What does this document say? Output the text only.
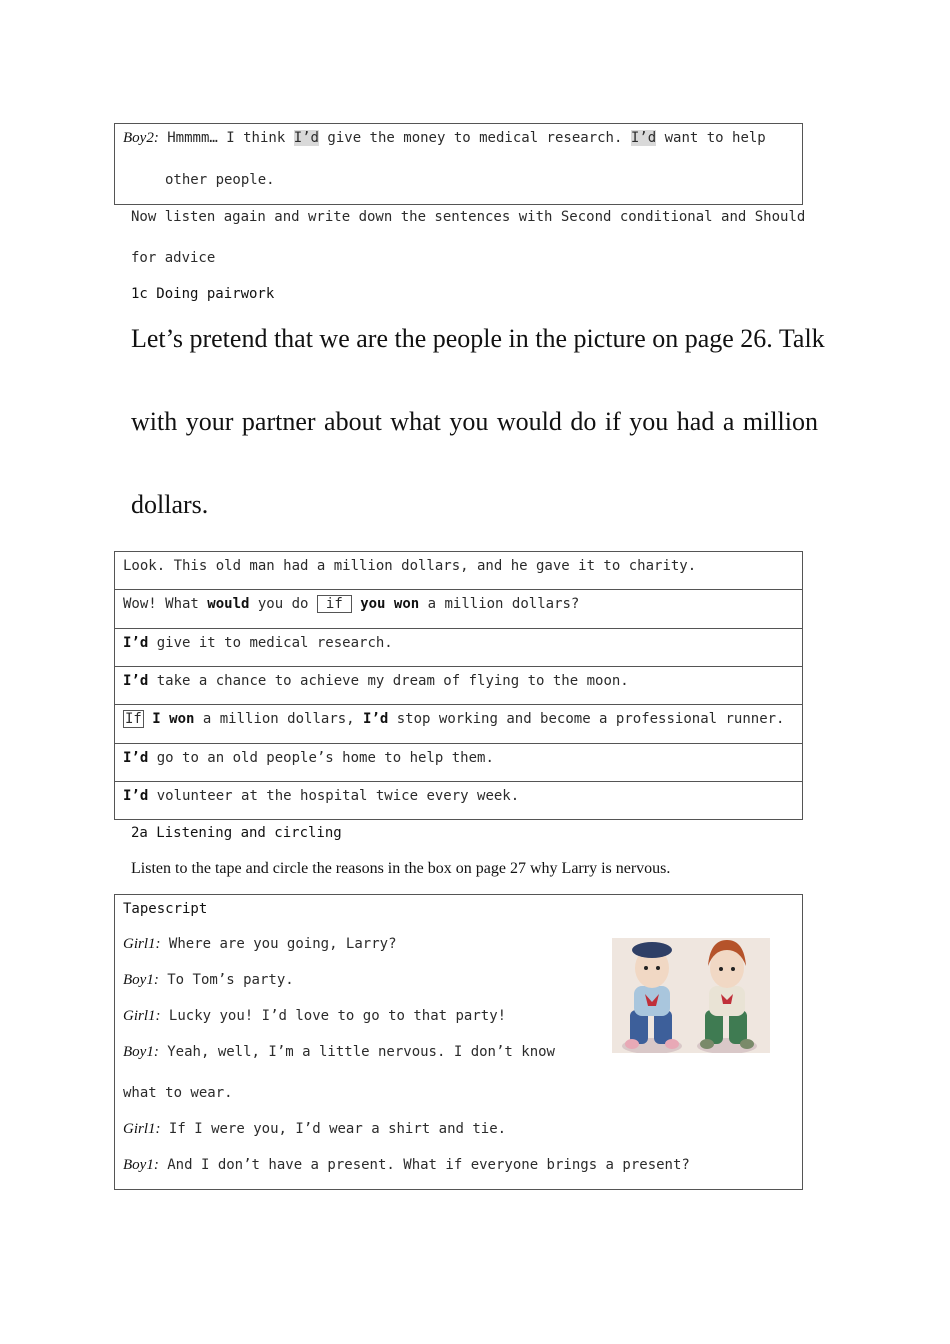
Boy2: Hmmmm… I think I’d give the money to medical research. I’d want to help
other people.
Now listen again and write down the sentences with Second conditional and Should
for advice
1c Doing pairwork
Let’s pretend that we are the people in the picture on page 26. Talk
with your partner about what you would do if you had a million
dollars.
Look. This old man had a million dollars, and he gave it to charity.
Wow! What would you do if you won a million dollars?
I’d give it to medical research.
I’d take a chance to achieve my dream of flying to the moon.
If I won a million dollars, I’d stop working and become a professional runner.
I’d go to an old people’s home to help them.
I’d volunteer at the hospital twice every week.
2a Listening and circling
Listen to the tape and circle the reasons in the box on page 27 why Larry is nervous.
Tapescript
Girl1: Where are you going, Larry?
Boy1: To Tom’s party.
Girl1: Lucky you! I’d love to go to that party!
Boy1: Yeah, well, I’m a little nervous. I don’t know
what to wear.
Girl1: If I were you, I’d wear a shirt and tie.
Boy1: And I don’t have a present. What if everyone brings a present?
